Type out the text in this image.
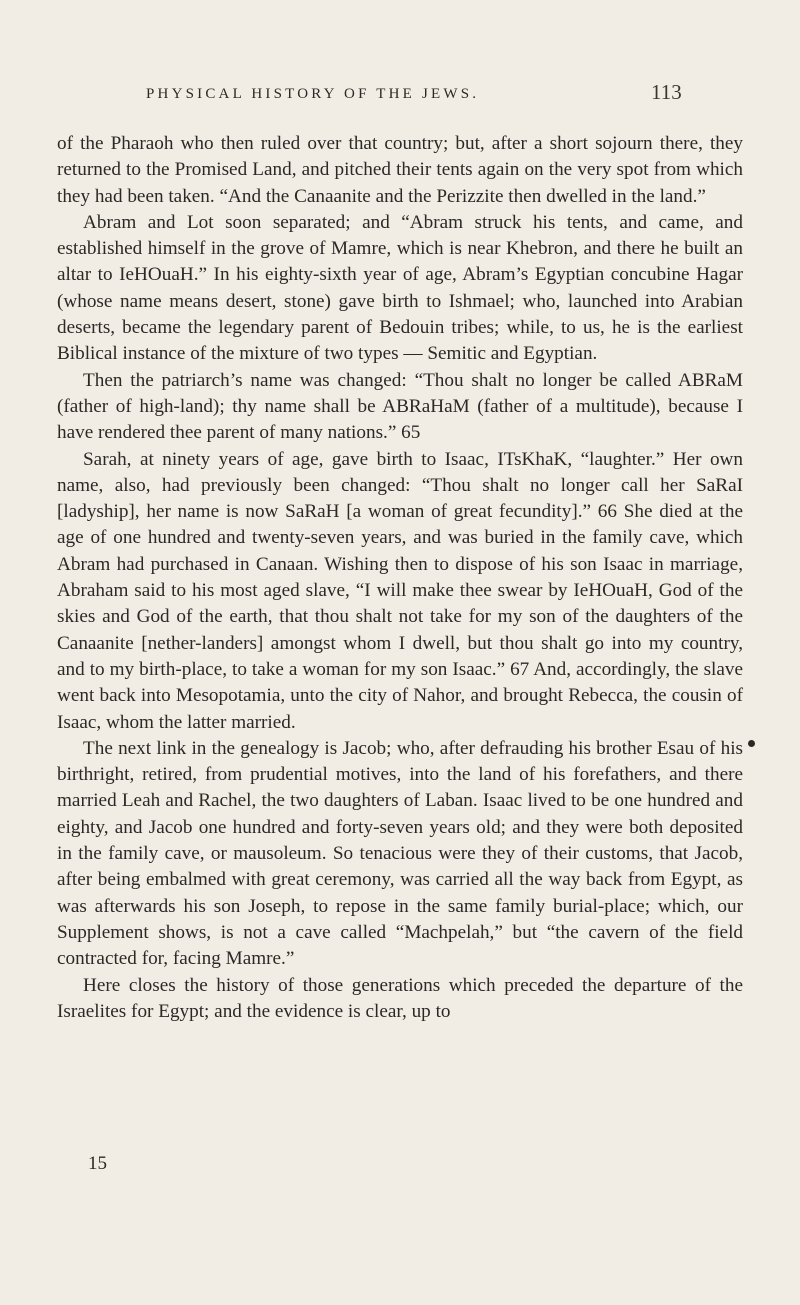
PHYSICAL HISTORY OF THE JEWS.	113

of the Pharaoh who then ruled over that country; but, after a short sojourn there, they returned to the Promised Land, and pitched their tents again on the very spot from which they had been taken. “And the Canaanite and the Perizzite then dwelled in the land.”

Abram and Lot soon separated; and “Abram struck his tents, and came, and established himself in the grove of Mamre, which is near Khebron, and there he built an altar to IeHOuaH.” In his eighty-sixth year of age, Abram’s Egyptian concubine Hagar (whose name means desert, stone) gave birth to Ishmael; who, launched into Arabian deserts, became the legendary parent of Bedouin tribes; while, to us, he is the earliest Biblical instance of the mixture of two types — Semitic and Egyptian.

Then the patriarch’s name was changed: “Thou shalt no longer be called ABRaM (father of high-land); thy name shall be ABRaHaM (father of a multitude), because I have rendered thee parent of many nations.” 65

Sarah, at ninety years of age, gave birth to Isaac, ITsKhaK, “laughter.” Her own name, also, had previously been changed: “Thou shalt no longer call her SaRaI [ladyship], her name is now SaRaH [a woman of great fecundity].” 66 She died at the age of one hundred and twenty-seven years, and was buried in the family cave, which Abram had purchased in Canaan. Wishing then to dispose of his son Isaac in marriage, Abraham said to his most aged slave, “I will make thee swear by IeHOuaH, God of the skies and God of the earth, that thou shalt not take for my son of the daughters of the Canaanite [nether-landers] amongst whom I dwell, but thou shalt go into my country, and to my birth-place, to take a woman for my son Isaac.” 67 And, accordingly, the slave went back into Mesopotamia, unto the city of Nahor, and brought Rebecca, the cousin of Isaac, whom the latter married.

The next link in the genealogy is Jacob; who, after defrauding his brother Esau of his birthright, retired, from prudential motives, into the land of his forefathers, and there married Leah and Rachel, the two daughters of Laban. Isaac lived to be one hundred and eighty, and Jacob one hundred and forty-seven years old; and they were both deposited in the family cave, or mausoleum. So tenacious were they of their customs, that Jacob, after being embalmed with great ceremony, was carried all the way back from Egypt, as was afterwards his son Joseph, to repose in the same family burial-place; which, our Supplement shows, is not a cave called “Machpelah,” but “the cavern of the field contracted for, facing Mamre.”

Here closes the history of those generations which preceded the departure of the Israelites for Egypt; and the evidence is clear, up to

15
